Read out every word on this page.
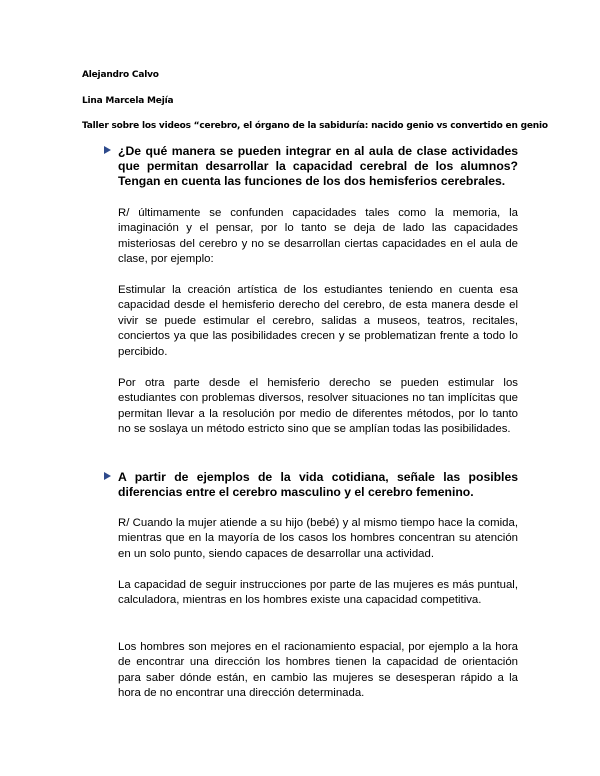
Alejandro Calvo
Lina Marcela Mejía
Taller sobre los videos “cerebro, el órgano de la sabiduría: nacido genio vs convertido en genio

¿De qué manera se pueden integrar en al aula de clase actividades que permitan desarrollar la capacidad cerebral de los alumnos? Tengan en cuenta las funciones de los dos hemisferios cerebrales.

R/ últimamente se confunden capacidades tales como la memoria, la imaginación y el pensar, por lo tanto se deja de lado las capacidades misteriosas del cerebro y no se desarrollan ciertas capacidades en el aula de clase, por ejemplo:

Estimular la creación artística de los estudiantes teniendo en cuenta esa capacidad desde el hemisferio derecho del cerebro, de esta manera desde el vivir se puede estimular el cerebro, salidas a museos, teatros, recitales, conciertos ya que las posibilidades crecen y se problematizan frente a todo lo percibido.

Por otra parte desde el hemisferio derecho se pueden estimular los estudiantes con problemas diversos, resolver situaciones no tan implícitas que permitan llevar a la resolución por medio de diferentes métodos, por lo tanto no se soslaya un método estricto sino que se amplían todas las posibilidades.

A partir de ejemplos de la vida cotidiana, señale las posibles diferencias entre el cerebro masculino y el cerebro femenino.

R/ Cuando la mujer atiende a su hijo (bebé) y al mismo tiempo hace la comida, mientras que en la mayoría de los casos los hombres concentran su atención en un solo punto, siendo capaces de desarrollar una actividad.

La capacidad de seguir instrucciones por parte de las mujeres es más puntual, calculadora, mientras en los hombres existe una capacidad competitiva.

Los hombres son mejores en el racionamiento espacial, por ejemplo a la hora de encontrar una dirección los hombres tienen la capacidad de orientación para saber dónde están, en cambio las mujeres se desesperan rápido a la hora de no encontrar una dirección determinada.
